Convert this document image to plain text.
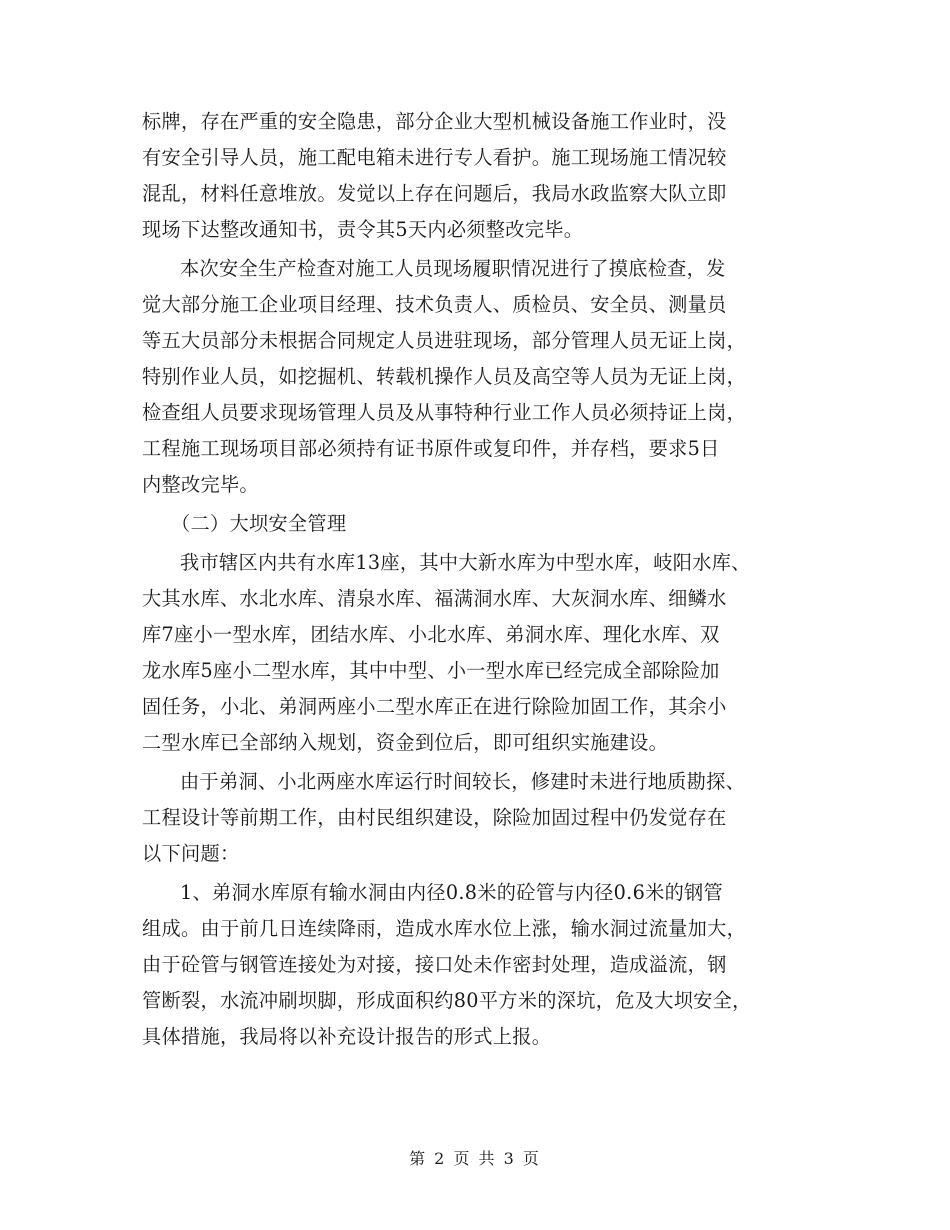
标牌，存在严重的安全隐患，部分企业大型机械设备施工作业时，没
有安全引导人员，施工配电箱未进行专人看护。施工现场施工情况较
混乱，材料任意堆放。发觉以上存在问题后，我局水政监察大队立即
现场下达整改通知书，责令其5天内必须整改完毕。
本次安全生产检查对施工人员现场履职情况进行了摸底检查，发
觉大部分施工企业项目经理、技术负责人、质检员、安全员、测量员
等五大员部分未根据合同规定人员进驻现场，部分管理人员无证上岗，
特别作业人员，如挖掘机、转载机操作人员及高空等人员为无证上岗，
检查组人员要求现场管理人员及从事特种行业工作人员必须持证上岗，
工程施工现场项目部必须持有证书原件或复印件，并存档，要求5日
内整改完毕。
（二）大坝安全管理
我市辖区内共有水库13座，其中大新水库为中型水库，岐阳水库、
大其水库、水北水库、清泉水库、福满洞水库、大灰洞水库、细鳞水
库7座小一型水库，团结水库、小北水库、弟洞水库、理化水库、双
龙水库5座小二型水库，其中中型、小一型水库已经完成全部除险加
固任务，小北、弟洞两座小二型水库正在进行除险加固工作，其余小
二型水库已全部纳入规划，资金到位后，即可组织实施建设。
由于弟洞、小北两座水库运行时间较长，修建时未进行地质勘探、
工程设计等前期工作，由村民组织建设，除险加固过程中仍发觉存在
以下问题：
1、弟洞水库原有输水洞由内径0.8米的砼管与内径0.6米的钢管
组成。由于前几日连续降雨，造成水库水位上涨，输水洞过流量加大，
由于砼管与钢管连接处为对接，接口处未作密封处理，造成溢流，钢
管断裂，水流冲刷坝脚，形成面积约80平方米的深坑，危及大坝安全，
具体措施，我局将以补充设计报告的形式上报。
第 2 页 共 3 页
